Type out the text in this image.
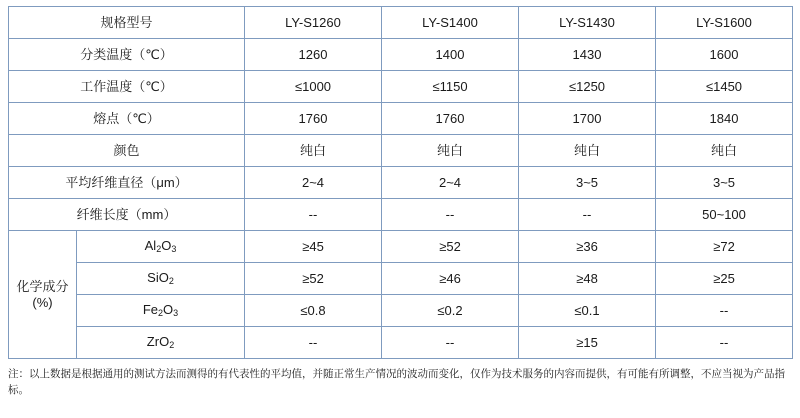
规格型号		LY-S1260	LY-S1400	LY-S1430	LY-S1600
分类温度（℃）		1260	1400	1430	1600
工作温度（℃）		≤1000	≤1150	≤1250	≤1450
熔点（℃）		1760	1760	1700	1840
颜色		纯白	纯白	纯白	纯白
平均纤维直径（μm）		2~4	2~4	3~5	3~5
纤维长度（mm）		--	--	--	50~100
化学成分(%)	$Al_2O_3$	≥45	≥52	≥36	≥72
	SiO$_2$	≥52	≥46	≥48	≥25
	$Fe_2O_3$	≤0.8	≤0.2	≤0.1	--
	ZrO$_2$	--	--	≥15	--
注：以上数据是根据通用的测试方法而测得的有代表性的平均值，并随正常生产情况的波动而变化，仅作为技术服务的内容而提供，有可能有所调整，不应当视为产品指标。
